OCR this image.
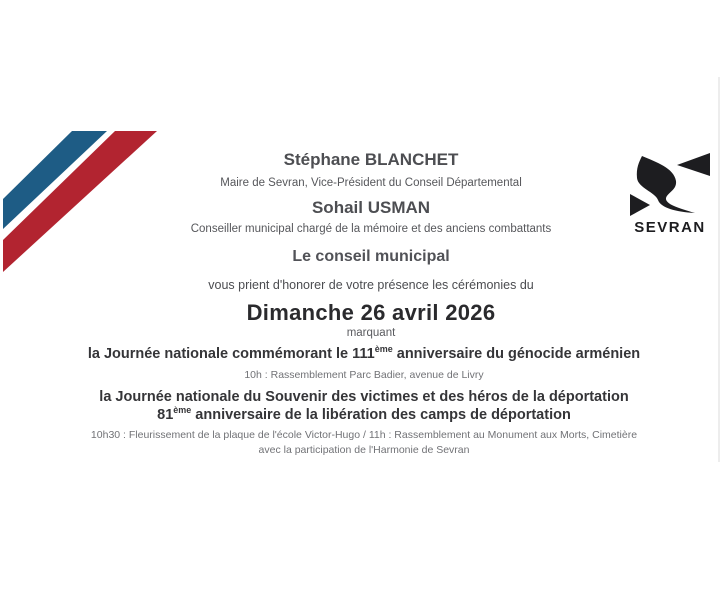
Stéphane BLANCHET
Maire de Sevran, Vice-Président du Conseil Départemental
Sohail USMAN
Conseiller municipal chargé de la mémoire et des anciens combattants
Le conseil municipal
vous prient d'honorer de votre présence les cérémonies du
Dimanche 26 avril 2026
marquant
la Journée nationale commémorant le 111ème anniversaire du génocide arménien
10h : Rassemblement Parc Badier, avenue de Livry
la Journée nationale du Souvenir des victimes et des héros de la déportation
81ème anniversaire de la libération des camps de déportation
10h30 : Fleurissement de la plaque de l'école Victor-Hugo / 11h : Rassemblement au Monument aux Morts, Cimetière
avec la participation de l'Harmonie de Sevran
SEVRAN
